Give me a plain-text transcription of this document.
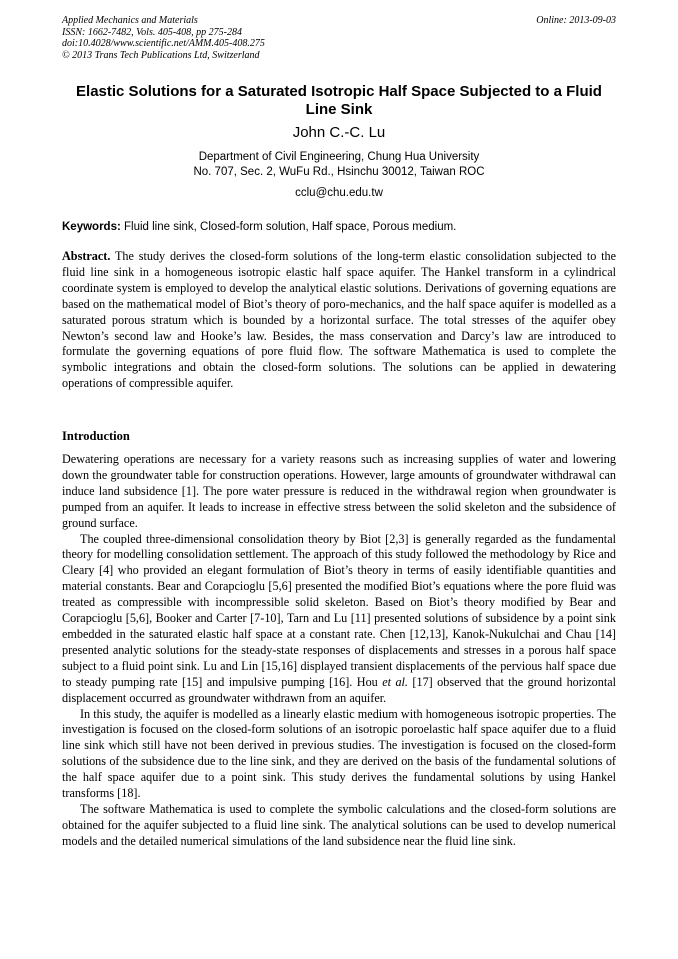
Applied Mechanics and Materials
ISSN: 1662-7482, Vols. 405-408, pp 275-284
doi:10.4028/www.scientific.net/AMM.405-408.275
© 2013 Trans Tech Publications Ltd, Switzerland
Online: 2013-09-03
Elastic Solutions for a Saturated Isotropic Half Space Subjected to a Fluid Line Sink
John C.-C. Lu
Department of Civil Engineering, Chung Hua University
No. 707, Sec. 2, WuFu Rd., Hsinchu 30012, Taiwan ROC
cclu@chu.edu.tw
Keywords: Fluid line sink, Closed-form solution, Half space, Porous medium.

Abstract. The study derives the closed-form solutions of the long-term elastic consolidation subjected to the fluid line sink in a homogeneous isotropic elastic half space aquifer. The Hankel transform in a cylindrical coordinate system is employed to develop the analytical elastic solutions. Derivations of governing equations are based on the mathematical model of Biot’s theory of poro-mechanics, and the half space aquifer is modelled as a saturated porous stratum which is bounded by a horizontal surface. The total stresses of the aquifer obey Newton’s second law and Hooke’s law. Besides, the mass conservation and Darcy’s law are introduced to formulate the governing equations of pore fluid flow. The software Mathematica is used to complete the symbolic integrations and obtain the closed-form solutions. The solutions can be applied in dewatering operations of compressible aquifer.

Introduction

Dewatering operations are necessary for a variety reasons such as increasing supplies of water and lowering down the groundwater table for construction operations. However, large amounts of groundwater withdrawal can induce land subsidence [1]. The pore water pressure is reduced in the withdrawal region when groundwater is pumped from an aquifer. It leads to increase in effective stress between the solid skeleton and the subsidence of ground surface.

The coupled three-dimensional consolidation theory by Biot [2,3] is generally regarded as the fundamental theory for modelling consolidation settlement. The approach of this study followed the methodology by Rice and Cleary [4] who provided an elegant formulation of Biot’s theory in terms of easily identifiable quantities and material constants. Bear and Corapcioglu [5,6] presented the modified Biot’s equations where the pore fluid was treated as compressible with incompressible solid skeleton. Based on Biot’s theory modified by Bear and Corapcioglu [5,6], Booker and Carter [7-10], Tarn and Lu [11] presented solutions of subsidence by a point sink embedded in the saturated elastic half space at a constant rate. Chen [12,13], Kanok-Nukulchai and Chau [14] presented analytic solutions for the steady-state responses of displacements and stresses in a porous half space subject to a fluid point sink. Lu and Lin [15,16] displayed transient displacements of the pervious half space due to steady pumping rate [15] and impulsive pumping [16]. Hou et al. [17] observed that the ground horizontal displacement occurred as groundwater withdrawn from an aquifer.

In this study, the aquifer is modelled as a linearly elastic medium with homogeneous isotropic properties. The investigation is focused on the closed-form solutions of an isotropic poroelastic half space aquifer due to a fluid line sink which still have not been derived in previous studies. The investigation is focused on the closed-form solutions of the subsidence due to the line sink, and they are derived on the basis of the fundamental solutions of the half space aquifer due to a point sink. This study derives the fundamental solutions by using Hankel transforms [18].

The software Mathematica is used to complete the symbolic calculations and the closed-form solutions are obtained for the aquifer subjected to a fluid line sink. The analytical solutions can be used to develop numerical models and the detailed numerical simulations of the land subsidence near the fluid line sink.
